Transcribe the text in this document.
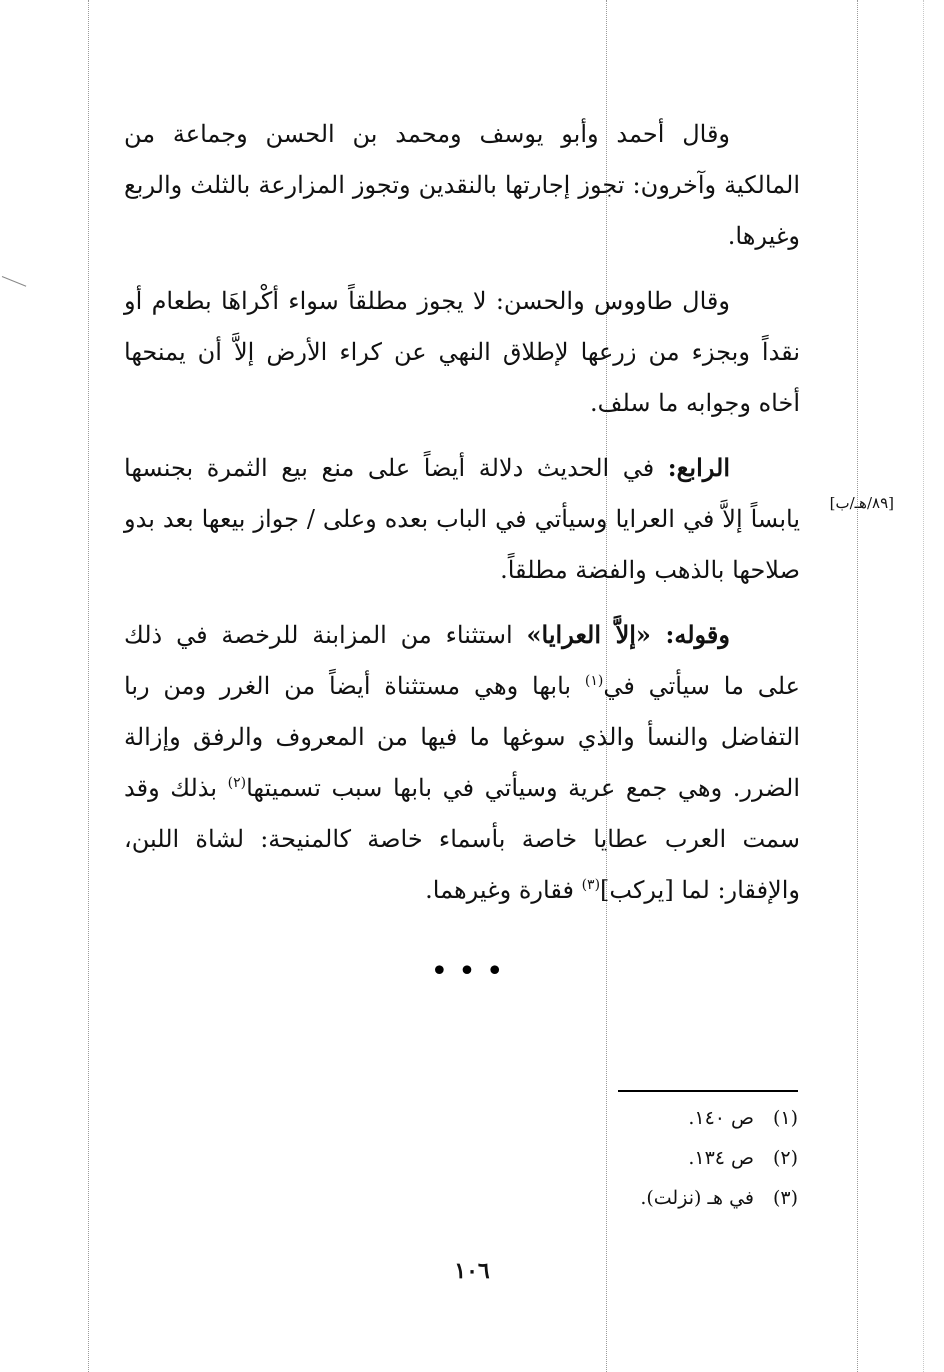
وقال أحمد وأبو يوسف ومحمد بن الحسن وجماعة من المالكية وآخرون: تجوز إجارتها بالنقدين وتجوز المزارعة بالثلث والربع وغيرها.

وقال طاووس والحسن: لا يجوز مطلقاً سواء أكْراهَا بطعام أو نقداً وبجزء من زرعها لإطلاق النهي عن كراء الأرض إلاَّ أن يمنحها أخاه وجوابه ما سلف.

الرابع: في الحديث دلالة أيضاً على منع بيع الثمرة بجنسها يابساً إلاَّ في العرايا وسيأتي في الباب بعده وعلى / جواز بيعها بعد بدو صلاحها بالذهب والفضة مطلقاً.

وقوله: «إلاَّ العرايا» استثناء من المزابنة للرخصة في ذلك على ما سيأتي في$^{(١)}$ بابها وهي مستثناة أيضاً من الغرر ومن ربا التفاضل والنسأ والذي سوغها ما فيها من المعروف والرفق وإزالة الضرر. وهي جمع عرية وسيأتي في بابها سبب تسميتها$^{(٢)}$ بذلك وقد سمت العرب عطايا خاصة بأسماء خاصة كالمنيحة: لشاة اللبن، والإفقار: لما [يركب]$^{(٣)}$ فقارة وغيرهما.

[٨٩/هـ/ب]
•••

(١)ص ١٤٠.

(٢)ص ١٣٤.

(٣)في هـ (نزلت).

١٠٦
